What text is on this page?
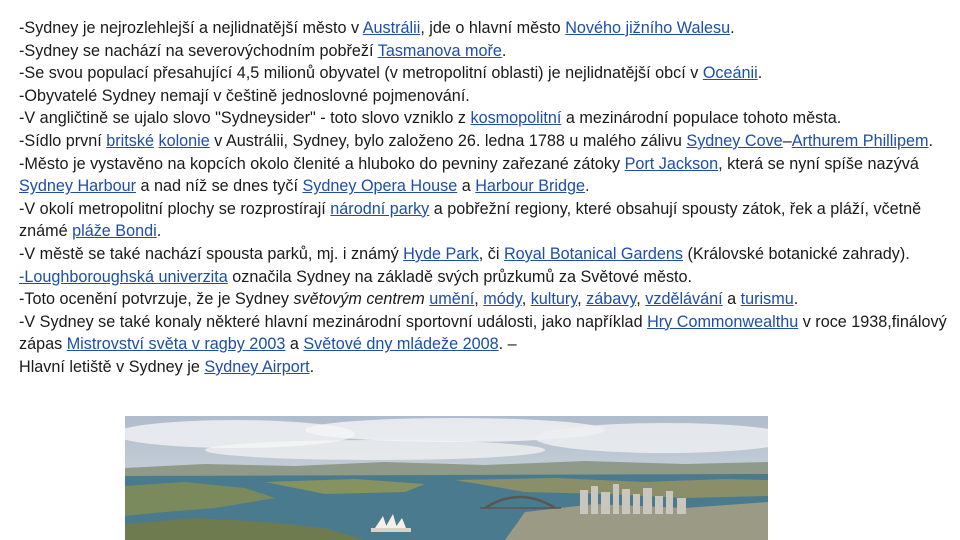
-Sydney je nejrozlehlejší a nejlidnatější město v Austrálii, jde o hlavní město Nového jižního Walesu.
-Sydney se nachází na severovýchodním pobřeží Tasmanova moře.
-Se svou populací přesahující 4,5 milionů obyvatel (v metropolitní oblasti) je nejlidnatější obcí v Oceánii.
-Obyvatelé Sydney nemají v češtině jednoslovné pojmenování.
-V angličtině se ujalo slovo "Sydneysider" - toto slovo vzniklo z kosmopolitní a mezinárodní populace tohoto města.
-Sídlo první britské kolonie v Austrálii, Sydney, bylo založeno 26. ledna 1788 u malého zálivu Sydney Cove–Arthurem Phillipem.
-Město je vystavěno na kopcích okolo členité a hluboko do pevniny zařezané zátoky Port Jackson, která se nyní spíše nazývá Sydney Harbour a nad níž se dnes tyčí Sydney Opera House a Harbour Bridge.
-V okolí metropolitní plochy se rozprostírají národní parky a pobřežní regiony, které obsahují spousty zátok, řek a pláží, včetně známé pláže Bondi.
-V městě se také nachází spousta parků, mj. i známý Hyde Park, či Royal Botanical Gardens (Královské botanické zahrady).
-Loughboroughská univerzita označila Sydney na základě svých průzkumů za Světové město.
-Toto ocenění potvrzuje, že je Sydney světovým centrem umění, módy, kultury, zábavy, vzdělávání a turismu.
-V Sydney se také konaly některé hlavní mezinárodní sportovní události, jako například Hry Commonwealthu v roce 1938,finálový zápas Mistrovství světa v ragby 2003 a Světové dny mládeže 2008. –
Hlavní letiště v Sydney je Sydney Airport.
